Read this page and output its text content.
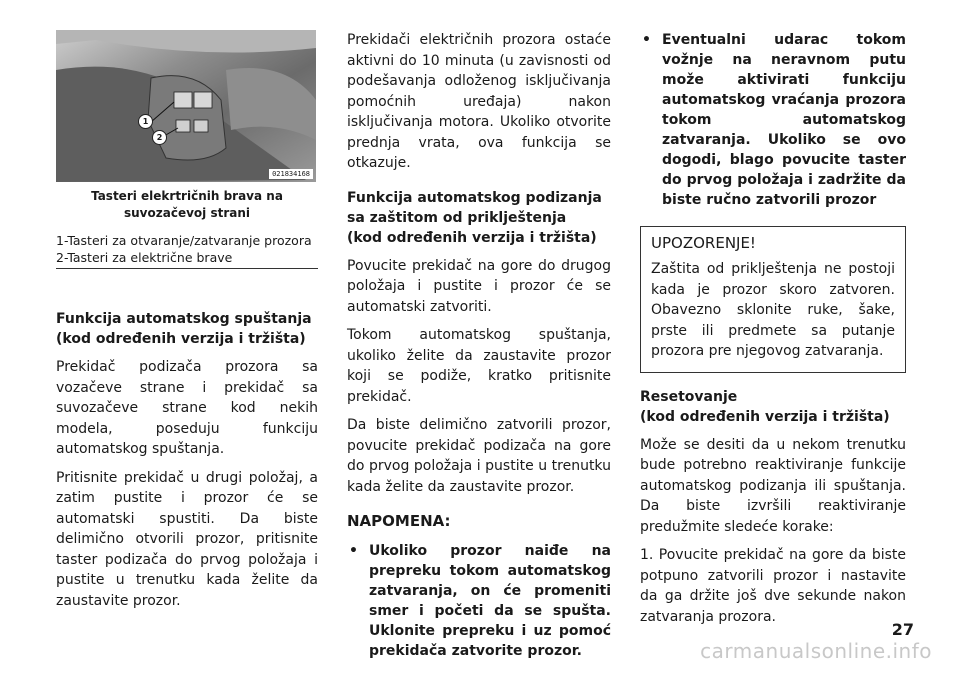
1
2
021834168
Tasteri elekrtričnih brava na
suvozačevoj strani
1-Tasteri za otvaranje/zatvaranje prozora
2-Tasteri za električne brave
Funkcija automatskog spuštanja
(kod određenih verzija i tržišta)

Prekidač podizača prozora sa vozačeve strane i prekidač sa suvozačeve strane kod nekih modela, poseduju funkciju automatskog spuštanja.

Pritisnite prekidač u drugi položaj, a zatim pustite i prozor će se automatski spustiti. Da biste delimično otvorili prozor, pritisnite taster podizača do prvog položaja i pustite u trenutku kada želite da zaustavite prozor.

Prekidači električnih prozora ostaće aktivni do 10 minuta (u zavisnosti od podešavanja odloženog isključivanja pomoćnih uređaja) nakon isključivanja motora. Ukoliko otvorite prednja vrata, ova funkcija se otkazuje.

Funkcija automatskog podizanja sa zaštitom od priklještenja
(kod određenih verzija i tržišta)

Povucite prekidač na gore do drugog položaja i pustite i prozor će se automatski zatvoriti.

Tokom automatskog spuštanja, ukoliko želite da zaustavite prozor koji se podiže, kratko pritisnite prekidač.

Da biste delimično zatvorili prozor, povucite prekidač podizača na gore do prvog položaja i pustite u trenutku kada želite da zaustavite prozor.

NAPOMENA:
• Ukoliko prozor naiđe na prepreku tokom automatskog zatvaranja, on će promeniti smer i početi da se spušta. Uklonite prepreku i uz pomoć prekidača zatvorite prozor.
• Eventualni udarac tokom vožnje na neravnom putu može aktivirati funkciju automatskog vraćanja prozora tokom automatskog zatvaranja. Ukoliko se ovo dogodi, blago povucite taster do prvog položaja i zadržite da biste ručno zatvorili prozor
UPOZORENJE!
Zaštita od priklještenja ne postoji kada je prozor skoro zatvoren. Obavezno sklonite ruke, šake, prste ili predmete sa putanje prozora pre njegovog zatvaranja.
Resetovanje
(kod određenih verzija i tržišta)

Može se desiti da u nekom trenutku bude potrebno reaktiviranje funkcije automatskog podizanja ili spuštanja. Da biste izvršili reaktiviranje predužmite sledeće korake:

1. Povucite prekidač na gore da biste potpuno zatvorili prozor i nastavite da ga držite još dve sekunde nakon zatvaranja prozora.

27
carmanualsonline.info
